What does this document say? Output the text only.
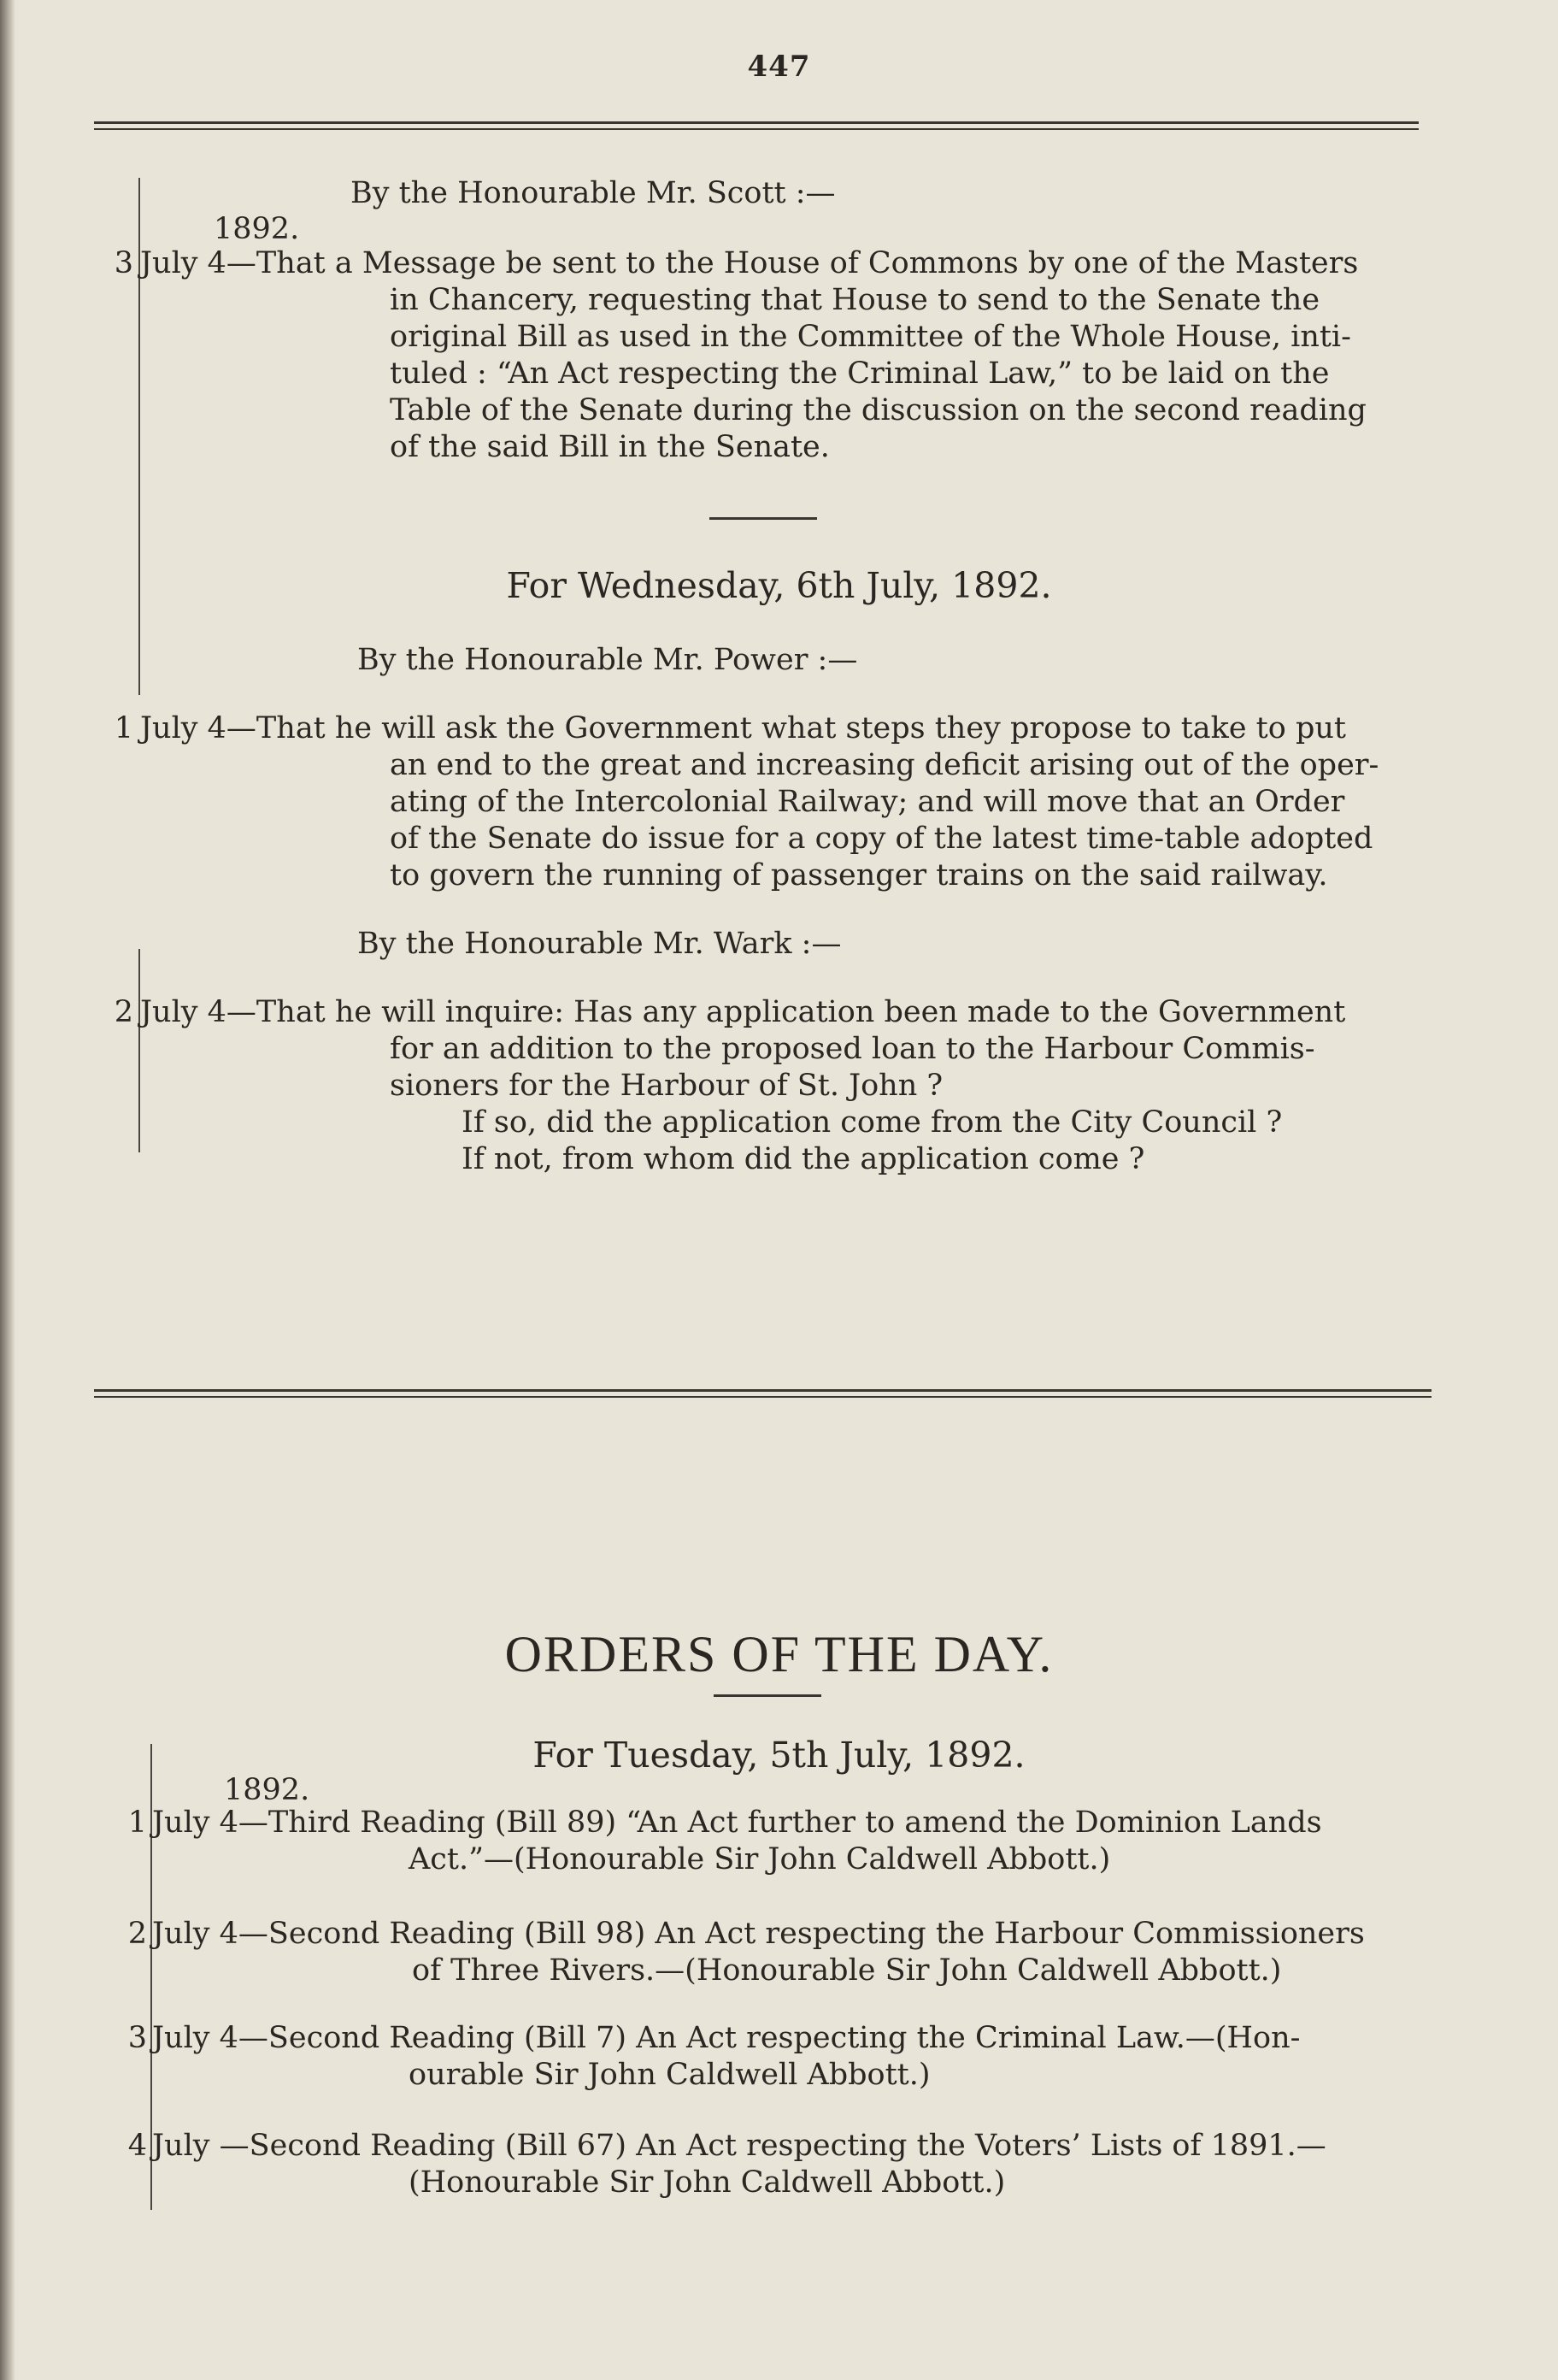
447
By the Honourable Mr. Scott :—
1892.
3 July 4—That a Message be sent to the House of Commons by one of the Masters
in Chancery, requesting that House to send to the Senate the
original Bill as used in the Committee of the Whole House, inti-
tuled : “An Act respecting the Criminal Law,” to be laid on the
Table of the Senate during the discussion on the second reading
of the said Bill in the Senate.
For Wednesday, 6th July, 1892.
By the Honourable Mr. Power :—
1 July 4—That he will ask the Government what steps they propose to take to put
an end to the great and increasing deficit arising out of the oper-
ating of the Intercolonial Railway; and will move that an Order
of the Senate do issue for a copy of the latest time-table adopted
to govern the running of passenger trains on the said railway.
By the Honourable Mr. Wark :—
2 July 4—That he will inquire: Has any application been made to the Government
for an addition to the proposed loan to the Harbour Commis-
sioners for the Harbour of St. John ?
If so, did the application come from the City Council ?
If not, from whom did the application come ?
ORDERS OF THE DAY.
For Tuesday, 5th July, 1892.
1892.
1 July 4—Third Reading (Bill 89) “An Act further to amend the Dominion Lands
Act.”—(Honourable Sir John Caldwell Abbott.)
2 July 4—Second Reading (Bill 98) An Act respecting the Harbour Commissioners
of Three Rivers.—(Honourable Sir John Caldwell Abbott.)
3 July 4—Second Reading (Bill 7) An Act respecting the Criminal Law.—(Hon-
ourable Sir John Caldwell Abbott.)
4 July —Second Reading (Bill 67) An Act respecting the Voters’ Lists of 1891.—
(Honourable Sir John Caldwell Abbott.)
